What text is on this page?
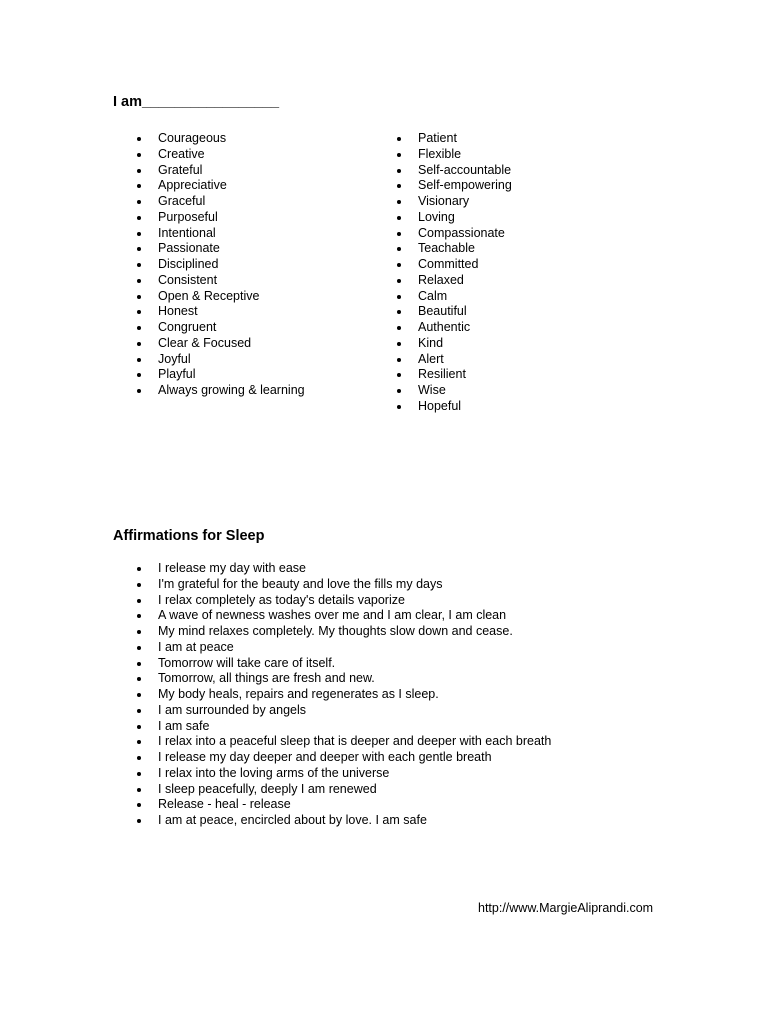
I am_________________
Courageous
Creative
Grateful
Appreciative
Graceful
Purposeful
Intentional
Passionate
Disciplined
Consistent
Open & Receptive
Honest
Congruent
Clear & Focused
Joyful
Playful
Always growing & learning
Patient
Flexible
Self-accountable
Self-empowering
Visionary
Loving
Compassionate
Teachable
Committed
Relaxed
Calm
Beautiful
Authentic
Kind
Alert
Resilient
Wise
Hopeful
Affirmations for Sleep
I release my day with ease
I'm grateful for the beauty and love the fills my days
I relax completely as today's details vaporize
A wave of newness washes over me and I am clear, I am clean
My mind relaxes completely. My thoughts slow down and cease.
I am at peace
Tomorrow will take care of itself.
Tomorrow, all things are fresh and new.
My body heals, repairs and regenerates as I sleep.
I am surrounded by angels
I am safe
I relax into a peaceful sleep that is deeper and deeper with each breath
I release my day deeper and deeper with each gentle breath
I relax into the loving arms of the universe
I sleep peacefully, deeply I am renewed
Release - heal - release
I am at peace, encircled about by love. I am safe
http://www.MargieAliprandi.com
